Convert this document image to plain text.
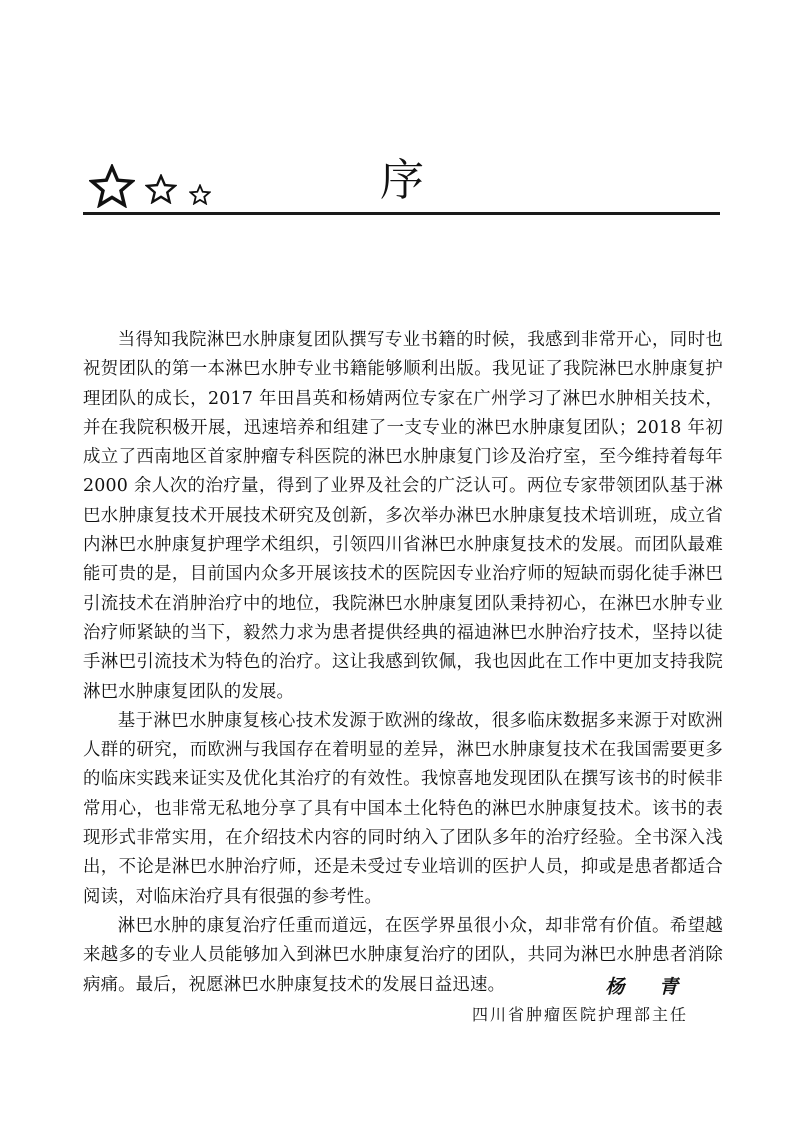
序

当得知我院淋巴水肿康复团队撰写专业书籍的时候，我感到非常开心，同时也祝贺团队的第一本淋巴水肿专业书籍能够顺利出版。我见证了我院淋巴水肿康复护理团队的成长，2017 年田昌英和杨婧两位专家在广州学习了淋巴水肿相关技术，并在我院积极开展，迅速培养和组建了一支专业的淋巴水肿康复团队；2018 年初成立了西南地区首家肿瘤专科医院的淋巴水肿康复门诊及治疗室，至今维持着每年 2000 余人次的治疗量，得到了业界及社会的广泛认可。两位专家带领团队基于淋巴水肿康复技术开展技术研究及创新，多次举办淋巴水肿康复技术培训班，成立省内淋巴水肿康复护理学术组织，引领四川省淋巴水肿康复技术的发展。而团队最难能可贵的是，目前国内众多开展该技术的医院因专业治疗师的短缺而弱化徒手淋巴引流技术在消肿治疗中的地位，我院淋巴水肿康复团队秉持初心，在淋巴水肿专业治疗师紧缺的当下，毅然力求为患者提供经典的福迪淋巴水肿治疗技术，坚持以徒手淋巴引流技术为特色的治疗。这让我感到钦佩，我也因此在工作中更加支持我院淋巴水肿康复团队的发展。

基于淋巴水肿康复核心技术发源于欧洲的缘故，很多临床数据多来源于对欧洲人群的研究，而欧洲与我国存在着明显的差异，淋巴水肿康复技术在我国需要更多的临床实践来证实及优化其治疗的有效性。我惊喜地发现团队在撰写该书的时候非常用心，也非常无私地分享了具有中国本土化特色的淋巴水肿康复技术。该书的表现形式非常实用，在介绍技术内容的同时纳入了团队多年的治疗经验。全书深入浅出，不论是淋巴水肿治疗师，还是未受过专业培训的医护人员，抑或是患者都适合阅读，对临床治疗具有很强的参考性。

淋巴水肿的康复治疗任重而道远，在医学界虽很小众，却非常有价值。希望越来越多的专业人员能够加入到淋巴水肿康复治疗的团队，共同为淋巴水肿患者消除病痛。最后，祝愿淋巴水肿康复技术的发展日益迅速。	杨 青
四川省肿瘤医院护理部主任
